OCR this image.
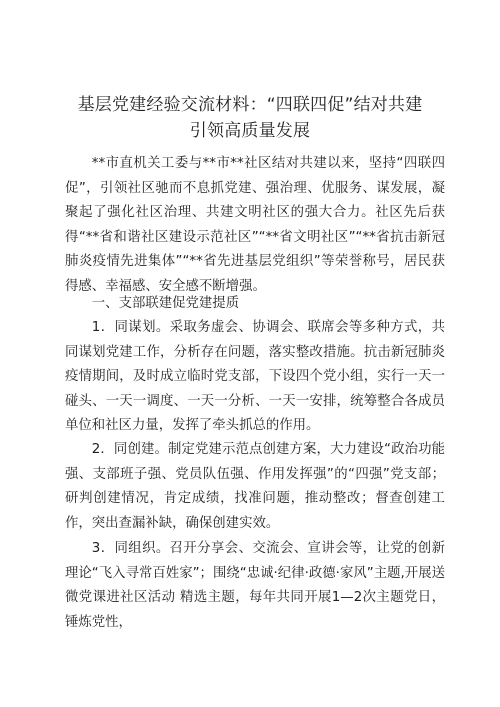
基层党建经验交流材料：“四联四促”结对共建
引领高质量发展

**市直机关工委与**市**社区结对共建以来，坚持“四联四促”，引领社区驰而不息抓党建、强治理、优服务、谋发展，凝聚起了强化社区治理、共建文明社区的强大合力。社区先后获得“**省和谐社区建设示范社区”“**省文明社区”“**省抗击新冠肺炎疫情先进集体”“**省先进基层党组织”等荣誉称号，居民获得感、幸福感、安全感不断增强。

一、支部联建促党建提质

1．同谋划。采取务虚会、协调会、联席会等多种方式，共同谋划党建工作，分析存在问题，落实整改措施。抗击新冠肺炎疫情期间，及时成立临时党支部，下设四个党小组，实行一天一碰头、一天一调度、一天一分析、一天一安排，统筹整合各成员单位和社区力量，发挥了牵头抓总的作用。

2．同创建。制定党建示范点创建方案，大力建设“政治功能强、支部班子强、党员队伍强、作用发挥强”的“四强”党支部；研判创建情况，肯定成绩，找准问题，推动整改；督查创建工作，突出查漏补缺，确保创建实效。

3．同组织。召开分享会、交流会、宣讲会等，让党的创新理论“飞入寻常百姓家”；围绕“忠诚·纪律·政德·家风”主题,开展送微党课进社区活动 精选主题，每年共同开展1—2次主题党日，锤炼党性，
